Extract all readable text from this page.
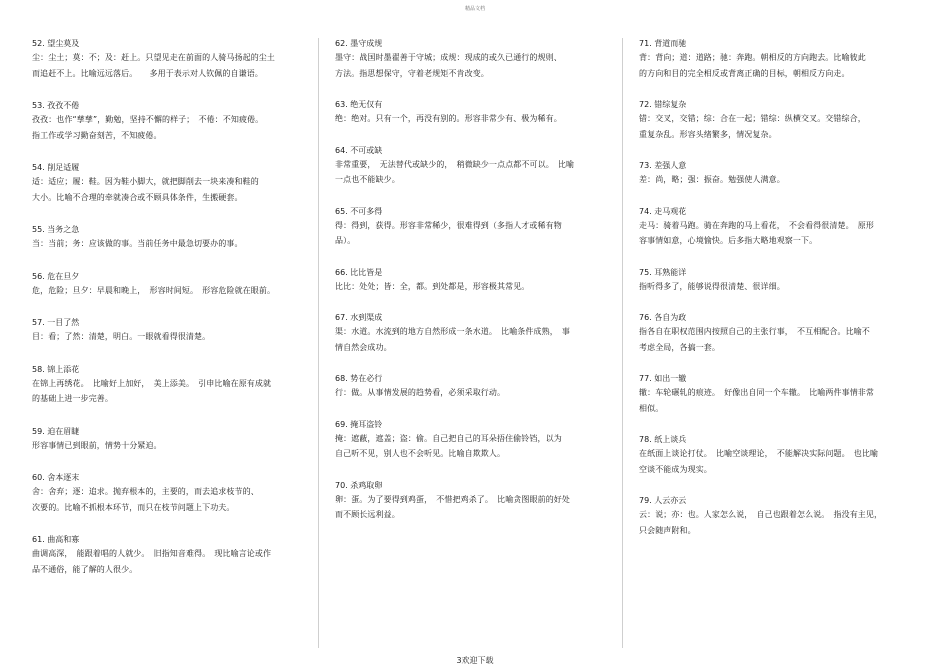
精品文档
52. 望尘莫及
尘：尘土；莫：不；及：赶上。只望见走在前面的人骑马扬起的尘土
而追赶不上。比喻远远落后。　　多用于表示对人钦佩的自谦语。
53. 孜孜不倦
孜孜：也作“孳孳”，勤勉，坚持不懈的样子；　不倦：不知疲倦。
指工作或学习勤奋刻苦，不知疲倦。
54. 削足适履
适：适应；履：鞋。因为鞋小脚大，就把脚削去一块来凑和鞋的
大小。比喻不合理的牵就凑合或不顾具体条件，生搬硬套。
55. 当务之急
当：当前；务：应该做的事。当前任务中最急切要办的事。
56. 危在旦夕
危，危险；旦夕：早晨和晚上，　形容时间短。　形容危险就在眼前。
57. 一目了然
目：看；了然：清楚，明白。一眼就看得很清楚。
58. 锦上添花
在锦上再绣花。　比喻好上加好，　美上添美。　引申比喻在原有成就
的基础上进一步完善。
59. 迫在眉睫
形容事情已到眼前，情势十分紧迫。
60. 舍本逐末
舍：舍弃；逐：追求。抛弃根本的，主要的，而去追求枝节的、
次要的。比喻不抓根本环节，而只在枝节问题上下功夫。
61. 曲高和寡
曲调高深，　能跟着唱的人就少。　旧指知音难得。　现比喻言论或作
品不通俗，能了解的人很少。
62. 墨守成规
墨守：战国时墨翟善于守城；成规：现成的或久已通行的规则、
方法。指思想保守，守着老规矩不肯改变。
63. 绝无仅有
绝：绝对。只有一个，再没有别的。形容非常少有、极为稀有。
64. 不可或缺
非常重要，　无法替代或缺少的，　稍微缺少一点点都不可以。　比喻
一点也不能缺少。
65. 不可多得
得：得到，获得。形容非常稀少，很难得到（多指人才或稀有物
品）。
66. 比比皆是
比比：处处；皆：全，都。到处都是，形容极其常见。
67. 水到渠成
渠：水道。水流到的地方自然形成一条水道。　比喻条件成熟，　事
情自然会成功。
68. 势在必行
行：做。从事情发展的趋势看，必须采取行动。
69. 掩耳盗铃
掩：遮蔽，遮盖；盗：偷。自己把自己的耳朵捂住偷铃铛，以为
自己听不见，别人也不会听见。比喻自欺欺人。
70. 杀鸡取卵
卵：蛋。为了要得到鸡蛋，　不惜把鸡杀了。　比喻贪图眼前的好处
而不顾长远利益。
71. 背道而驰
背：背向；道：道路；驰：奔跑。朝相反的方向跑去。比喻彼此
的方向和目的完全相反或背离正确的目标，朝相反方向走。
72. 错综复杂
错：交叉，交错；综：合在一起；错综：纵横交叉。交错综合，
重复杂乱。形容头绪繁多，情况复杂。
73. 差强人意
差：尚，略；强：振奋。勉强使人满意。
74. 走马观花
走马：骑着马跑。骑在奔跑的马上看花，　不会看得很清楚。　原形
容事情如意，心境愉快。后多指大略地观察一下。
75. 耳熟能详
指听得多了，能够说得很清楚、很详细。
76. 各自为政
指各自在职权范围内按照自己的主张行事，　不互相配合。比喻不
考虑全局，各搞一套。
77. 如出一辙
辙：车轮碾轧的痕迹。　好像出自同一个车辙。　比喻两件事情非常
相似。
78. 纸上谈兵
在纸面上谈论打仗。　比喻空谈理论，　不能解决实际问题。　也比喻
空谈不能成为现实。
79. 人云亦云
云：说；亦：也。人家怎么说，　自己也跟着怎么说。　指没有主见，
只会随声附和。
3欢迎下载
